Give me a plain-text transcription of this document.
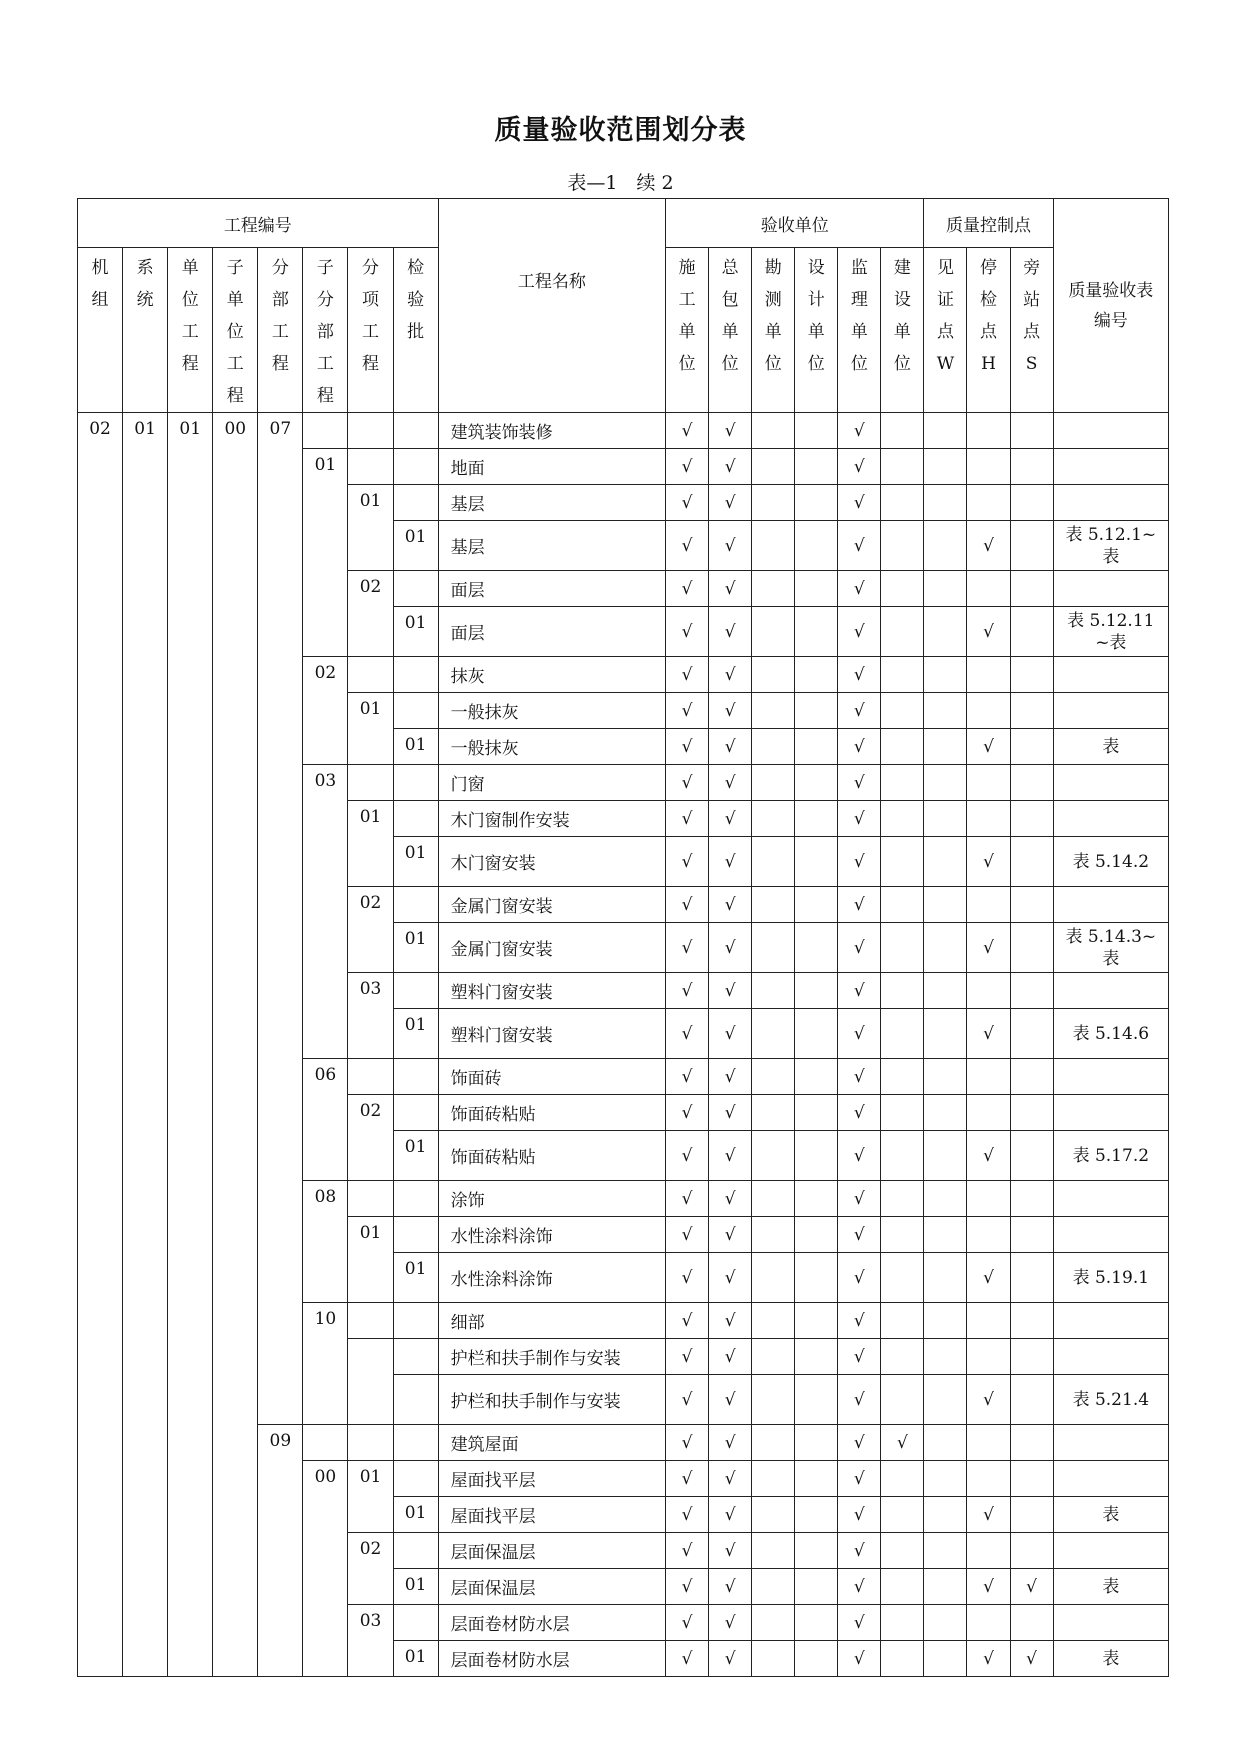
质量验收范围划分表
表—1　续 2
工程编号								工程名称	验收单位						质量控制点			质量验收表编号
机组	系统	单位工程	子单位工程	分部工程	子分部工程	分项工程	检验批		施工单位	总包单位	勘测单位	设计单位	监理单位	建设单位	见证点W	停检点H	旁站点S	
02	01	01	00	07				建筑装饰装修	√	√			√					
					01			地面	√	√			√					
						01		基层	√	√			√					
							01	基层	√	√			√			√		表 5.12.1~表
						02		面层	√	√			√					
							01	面层	√	√			√			√		表 5.12.11~表
					02			抹灰	√	√			√					
						01		一般抹灰	√	√			√					
							01	一般抹灰	√	√			√			√		表
					03			门窗	√	√			√					
						01		木门窗制作安装	√	√			√					
							01	木门窗安装	√	√			√			√		表 5.14.2
						02		金属门窗安装	√	√			√					
							01	金属门窗安装	√	√			√			√		表 5.14.3~表
						03		塑料门窗安装	√	√			√					
							01	塑料门窗安装	√	√			√			√		表 5.14.6
					06			饰面砖	√	√			√					
						02		饰面砖粘贴	√	√			√					
							01	饰面砖粘贴	√	√			√			√		表 5.17.2
					08			涂饰	√	√			√					
						01		水性涂料涂饰	√	√			√					
							01	水性涂料涂饰	√	√			√			√		表 5.19.1
					10			细部	√	√			√					
								护栏和扶手制作与安装	√	√			√					
								护栏和扶手制作与安装	√	√			√			√		表 5.21.4
				09				建筑屋面	√	√			√	√				
					00	01		屋面找平层	√	√			√					
							01	屋面找平层	√	√			√			√		表
						02		层面保温层	√	√			√					
							01	层面保温层	√	√			√			√	√	表
						03		层面卷材防水层	√	√			√					
							01	层面卷材防水层	√	√			√			√	√	表
